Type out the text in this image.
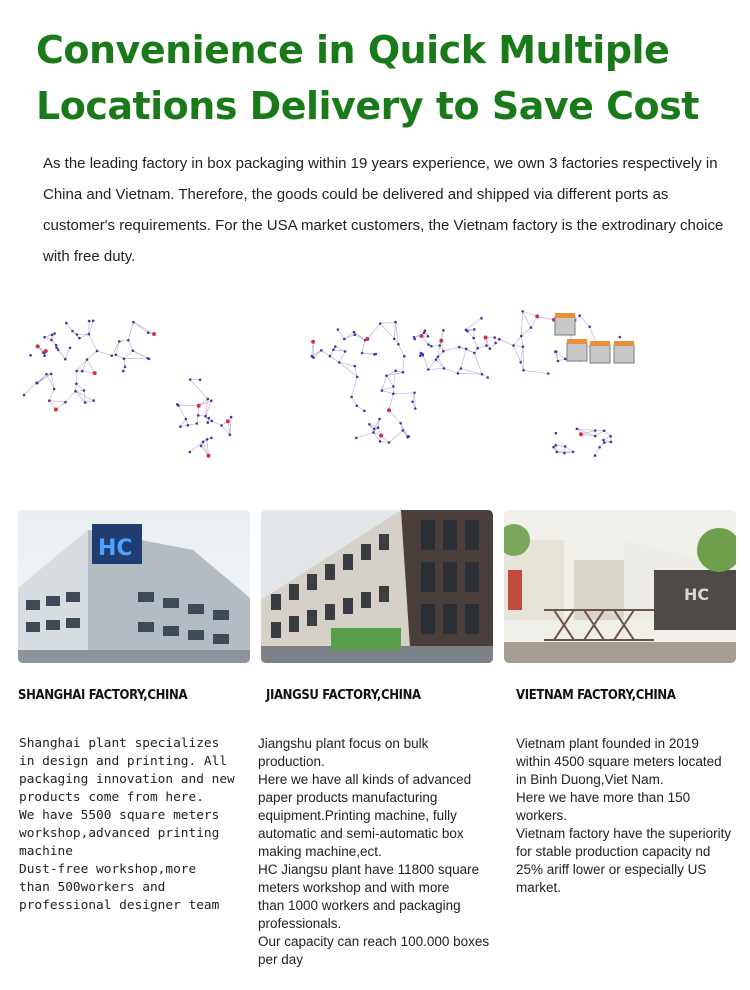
Convenience in Quick Multiple
Locations Delivery to Save Cost

As the leading factory in box packaging within 19 years experience, we own 3 factories respectively in China and Vietnam. Therefore, the goods could be delivered and shipped via different ports as customer's requirements. For the USA market customers, the Vietnam factory is the extrodinary choice with free duty.

HC
HC
SHANGHAI FACTORY,CHINA	JIANGSU FACTORY,CHINA	VIETNAM FACTORY,CHINA
Shanghai plant specializes
in design and printing. All
packaging innovation and new
products come from here.
We have 5500 square meters
workshop,advanced printing
machine
Dust-free workshop,more
than 500workers and
professional designer team
Jiangshu plant focus on bulk
production.
Here we have all kinds of advanced
paper products manufacturing
equipment.Printing machine, fully
automatic and semi-automatic box
making machine,ect.
HC Jiangsu plant have 11800 square
meters workshop and with more
than 1000 workers and packaging
professionals.
Our capacity can reach 100.000 boxes
per day
Vietnam plant founded in 2019
within 4500 square meters located
in Binh Duong,Viet Nam.
Here we have more than 150
workers.
Vietnam factory have the superiority
for stable production capacity nd
25% ariff lower or especially US
market.
